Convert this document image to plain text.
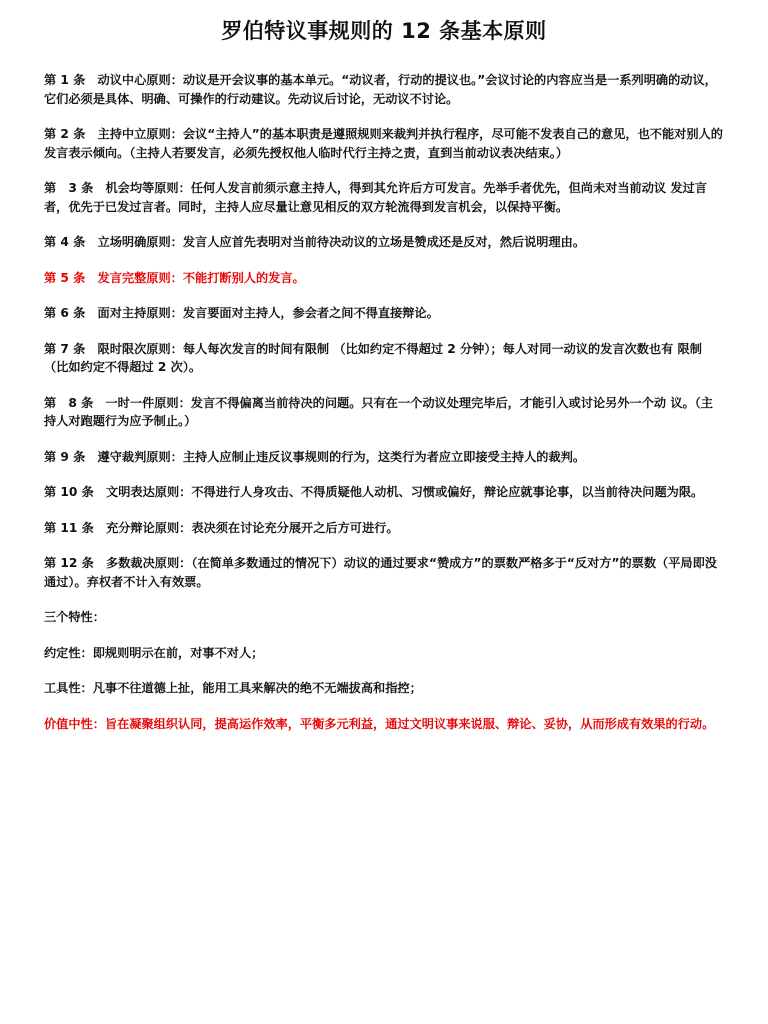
罗伯特议事规则的 12 条基本原则

第 1 条　动议中心原则：动议是开会议事的基本单元。“动议者，行动的提议也。”会议讨论的内容应当是一系列明确的动议，它们必须是具体、明确、可操作的行动建议。先动议后讨论，无动议不讨论。

第 2 条　主持中立原则：会议“主持人”的基本职责是遵照规则来裁判并执行程序，尽可能不发表自己的意见，也不能对别人的发言表示倾向。（主持人若要发言，必须先授权他人临时代行主持之责，直到当前动议表决结束。）

第　3 条　机会均等原则：任何人发言前须示意主持人，得到其允许后方可发言。先举手者优先，但尚未对当前动议 发过言者，优先于已发过言者。同时，主持人应尽量让意见相反的双方轮流得到发言机会，以保持平衡。

第 4 条　立场明确原则：发言人应首先表明对当前待决动议的立场是赞成还是反对，然后说明理由。

第 5 条　发言完整原则：不能打断别人的发言。

第 6 条　面对主持原则：发言要面对主持人，参会者之间不得直接辩论。

第 7 条　限时限次原则：每人每次发言的时间有限制 （比如约定不得超过 2 分钟）；每人对同一动议的发言次数也有 限制（比如约定不得超过 2 次）。

第　8 条　一时一件原则：发言不得偏离当前待决的问题。只有在一个动议处理完毕后，才能引入或讨论另外一个动 议。（主持人对跑题行为应予制止。）

第 9 条　遵守裁判原则：主持人应制止违反议事规则的行为，这类行为者应立即接受主持人的裁判。

第 10 条　文明表达原则：不得进行人身攻击、不得质疑他人动机、习惯或偏好，辩论应就事论事，以当前待决问题为限。

第 11 条　充分辩论原则：表决须在讨论充分展开之后方可进行。

第 12 条　多数裁决原则：（在简单多数通过的情况下）动议的通过要求“赞成方”的票数严格多于“反对方”的票数（平局即没通过）。弃权者不计入有效票。

三个特性：

约定性：即规则明示在前，对事不对人；

工具性：凡事不往道德上扯，能用工具来解决的绝不无端拔高和指控；

价值中性：旨在凝聚组织认同，提高运作效率，平衡多元利益，通过文明议事来说服、辩论、妥协，从而形成有效果的行动。
